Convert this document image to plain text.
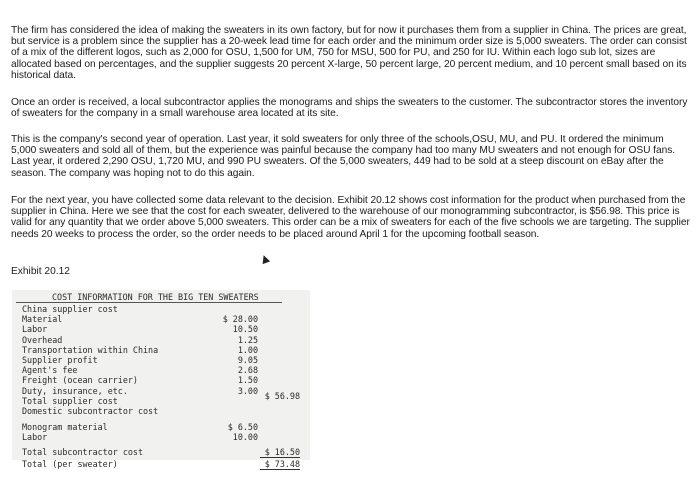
The firm has considered the idea of making the sweaters in its own factory, but for now it purchases them from a supplier in China. The prices are great, but service is a problem since the supplier has a 20-week lead time for each order and the minimum order size is 5,000 sweaters. The order can consist of a mix of the different logos, such as 2,000 for OSU, 1,500 for UM, 750 for MSU, 500 for PU, and 250 for IU. Within each logo sub lot, sizes are allocated based on percentages, and the supplier suggests 20 percent X-large, 50 percent large, 20 percent medium, and 10 percent small based on its historical data.
Once an order is received, a local subcontractor applies the monograms and ships the sweaters to the customer. The subcontractor stores the inventory of sweaters for the company in a small warehouse area located at its site.
This is the company's second year of operation. Last year, it sold sweaters for only three of the schools,OSU, MU, and PU. It ordered the minimum 5,000 sweaters and sold all of them, but the experience was painful because the company had too many MU sweaters and not enough for OSU fans. Last year, it ordered 2,290 OSU, 1,720 MU, and 990 PU sweaters. Of the 5,000 sweaters, 449 had to be sold at a steep discount on eBay after the season. The company was hoping not to do this again.
For the next year, you have collected some data relevant to the decision. Exhibit 20.12 shows cost information for the product when purchased from the supplier in China. Here we see that the cost for each sweater, delivered to the warehouse of our monogramming subcontractor, is $56.98. This price is valid for any quantity that we order above 5,000 sweaters. This order can be a mix of sweaters for each of the five schools we are targeting. The supplier needs 20 weeks to process the order, so the order needs to be placed around April 1 for the upcoming football season.
Exhibit 20.12
COST INFORMATION FOR THE BIG TEN SWEATERS
China supplier cost
Material	$ 28.00
Labor	10.50
Overhead	1.25
Transportation within China	1.00
Supplier profit	9.05
Agent's fee	2.68
Freight (ocean carrier)	1.50
Duty, insurance, etc.	3.00
Total supplier cost	$ 56.98
Domestic subcontractor cost
Monogram material	$ 6.50
Labor	10.00
Total subcontractor cost	$ 16.50
Total (per sweater)	$ 73.48
